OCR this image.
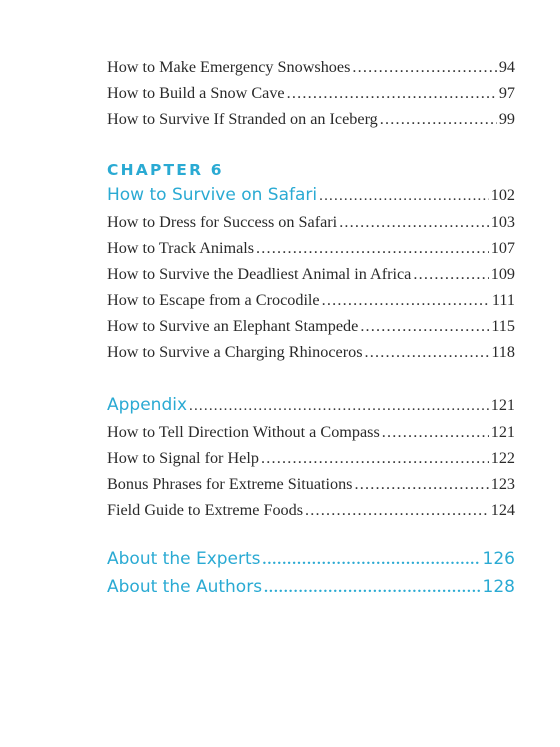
How to Make Emergency Snowshoes .....	94
How to Build a Snow Cave .....	97
How to Survive If Stranded on an Iceberg .....	99
CHAPTER 6
How to Survive on Safari .....	102
How to Dress for Success on Safari .....	103
How to Track Animals .....	107
How to Survive the Deadliest Animal in Africa .....	109
How to Escape from a Crocodile .....	111
How to Survive an Elephant Stampede .....	115
How to Survive a Charging Rhinoceros .....	118
Appendix .....	121
How to Tell Direction Without a Compass .....	121
How to Signal for Help .....	122
Bonus Phrases for Extreme Situations .....	123
Field Guide to Extreme Foods .....	124
About the Experts .....	126
About the Authors .....	128
